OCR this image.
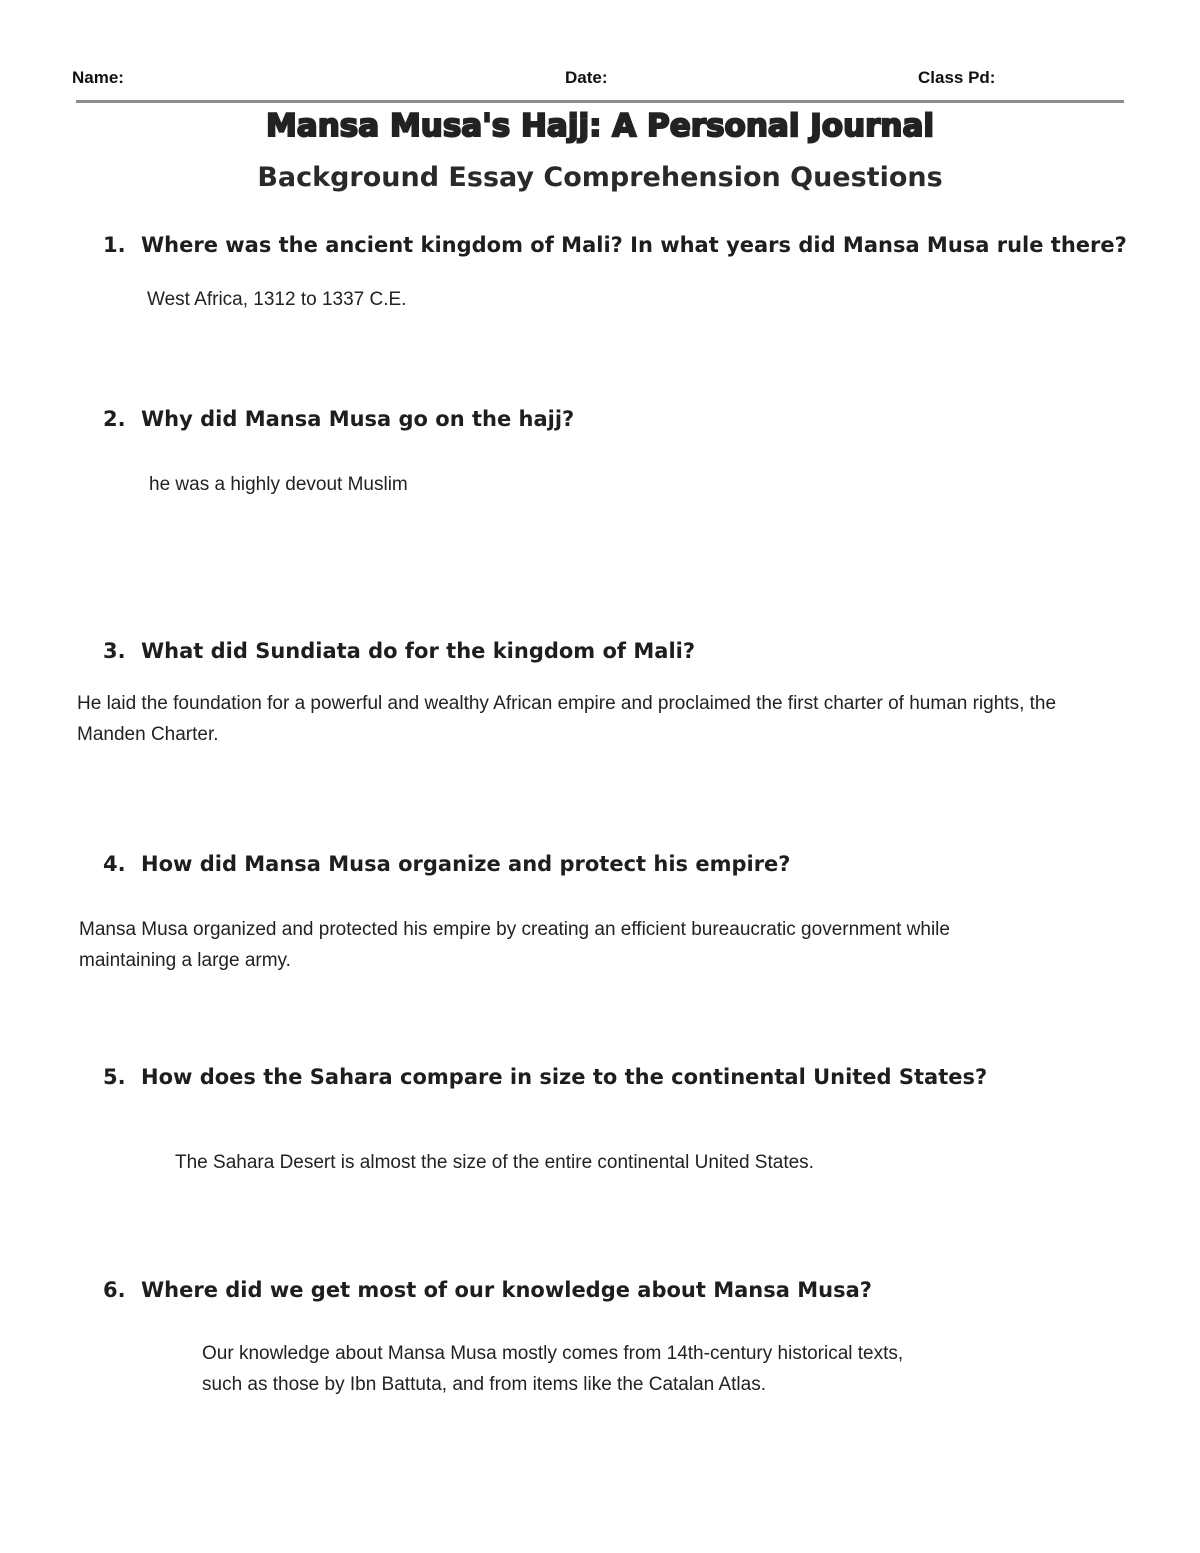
Name:	Date:	Class Pd:
Mansa Musa's Hajj: A Personal Journal
Background Essay Comprehension Questions
1. Where was the ancient kingdom of Mali? In what years did Mansa Musa rule there?
West Africa, 1312 to 1337 C.E.
2. Why did Mansa Musa go on the hajj?
he was a highly devout Muslim
3. What did Sundiata do for the kingdom of Mali?
He laid the foundation for a powerful and wealthy African empire and proclaimed the first charter of human rights, the Manden Charter.
4. How did Mansa Musa organize and protect his empire?
Mansa Musa organized and protected his empire by creating an efficient bureaucratic government while maintaining a large army.
5. How does the Sahara compare in size to the continental United States?
The Sahara Desert is almost the size of the entire continental United States.
6. Where did we get most of our knowledge about Mansa Musa?
Our knowledge about Mansa Musa mostly comes from 14th-century historical texts, such as those by Ibn Battuta, and from items like the Catalan Atlas.
